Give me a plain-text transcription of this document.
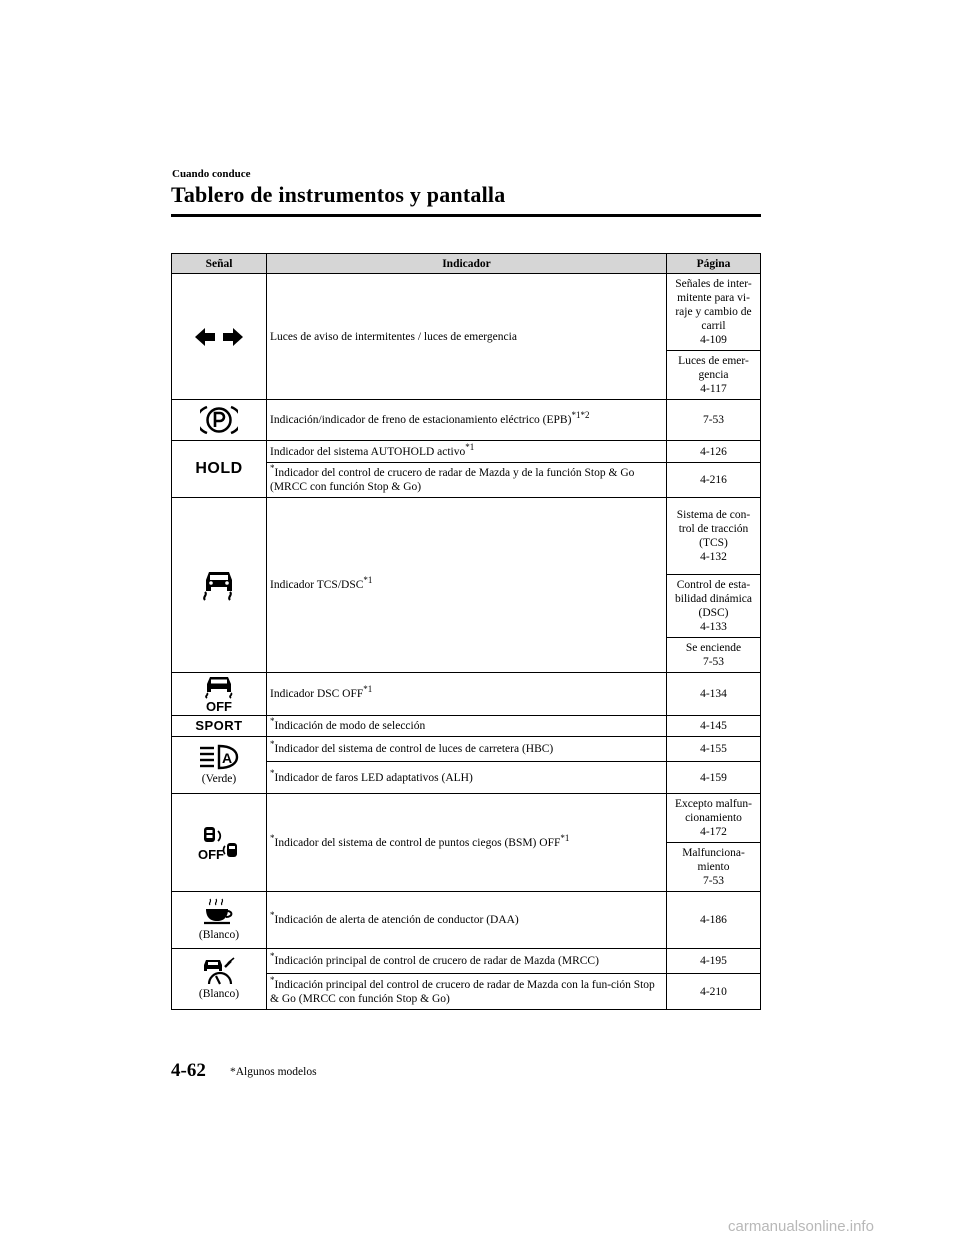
Cuando conduce
Tablero de instrumentos y pantalla
Señal	Indicador	Página

	Luces de aviso de intermitentes / luces de emergencia	Señales de inter-mitente para vi-raje y cambio de carril
4-109
		Luces de emer-gencia
4-117

	Indicación/indicador de freno de estacionamiento eléctrico (EPB)$^{*1*2}$	7-53
HOLD	Indicador del sistema AUTOHOLD activo$^{*1}$	4-126
	*Indicador del control de crucero de radar de Mazda y de la función Stop & Go (MRCC con función Stop & Go)	4-216

	Indicador TCS/DSC$^{*1}$	Sistema de con-trol de tracción (TCS)
4-132
		Control de esta-bilidad dinámica (DSC)
4-133
		Se enciende
7-53

OFF	Indicador DSC OFF$^{*1}$	4-134
SPORT	*Indicación de modo de selección	4-145

A
(Verde)	*Indicador del sistema de control de luces de carretera (HBC)	4-155
	*Indicador de faros LED adaptativos (ALH)	4-159

OFF	*Indicador del sistema de control de puntos ciegos (BSM) OFF$^{*1}$	Excepto malfun-cionamiento
4-172
		Malfunciona-miento
7-53

(Blanco)	*Indicación de alerta de atención de conductor (DAA)	4-186

(Blanco)	*Indicación principal de control de crucero de radar de Mazda (MRCC)	4-195
	*Indicación principal del control de crucero de radar de Mazda con la fun-ción Stop & Go (MRCC con función Stop & Go)	4-210
4-62 *Algunos modelos
carmanualsonline.info
